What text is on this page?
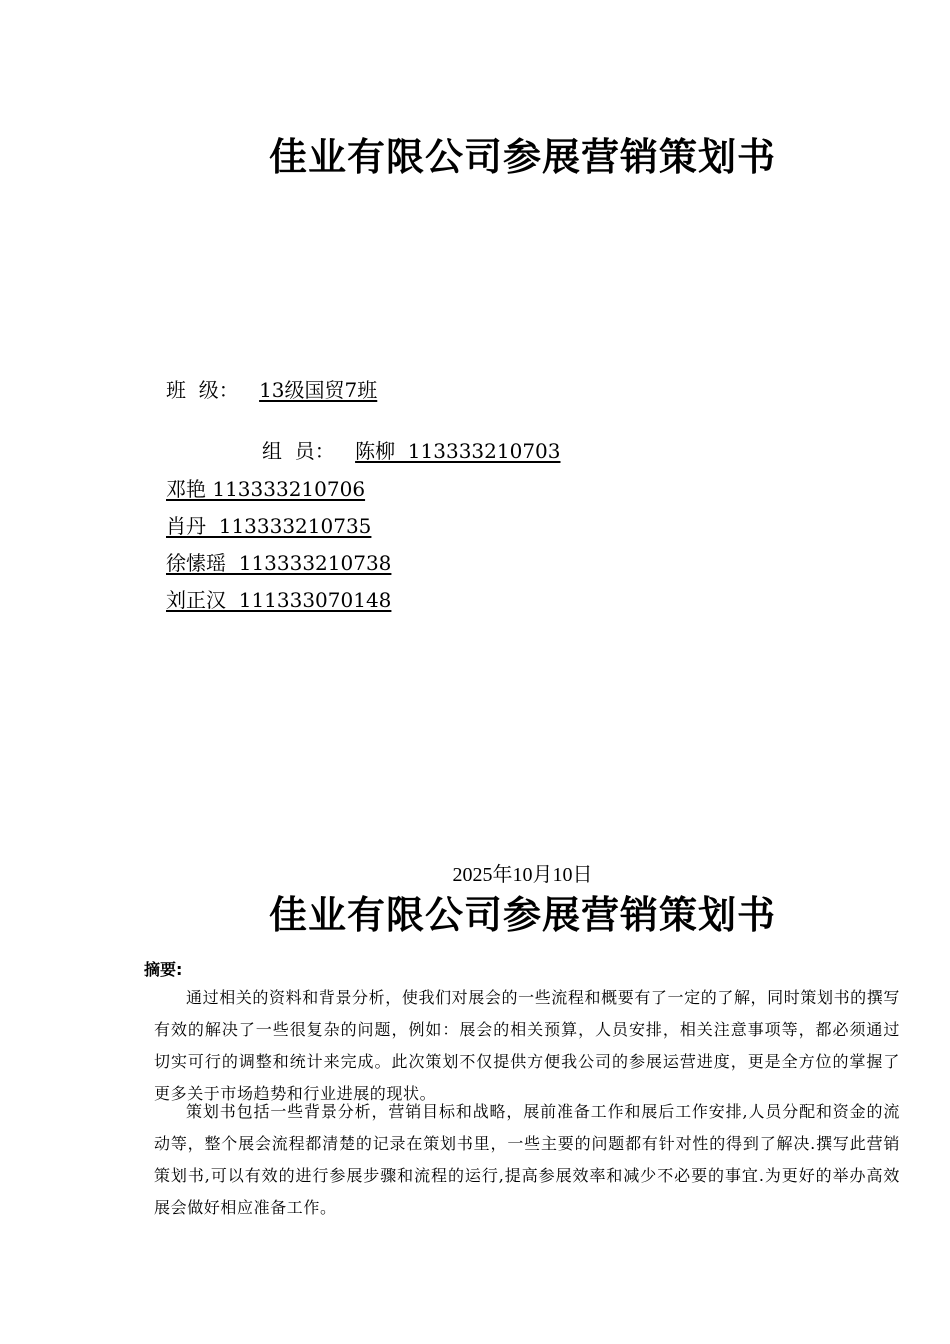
佳业有限公司参展营销策划书
班  级： 13级国贸7班
组  员： 陈柳  113333210703
邓艳 113333210706
肖丹  113333210735
徐愫瑶  113333210738
刘正汉  111333070148
2025年10月10日
佳业有限公司参展营销策划书
摘要:
通过相关的资料和背景分析，使我们对展会的一些流程和概要有了一定的了解，同时策划书的撰写有效的解决了一些很复杂的问题，例如：展会的相关预算，人员安排，相关注意事项等，都必须通过切实可行的调整和统计来完成。此次策划不仅提供方便我公司的参展运营进度，更是全方位的掌握了更多关于市场趋势和行业进展的现状。
策划书包括一些背景分析，营销目标和战略，展前准备工作和展后工作安排,人员分配和资金的流动等，整个展会流程都清楚的记录在策划书里，一些主要的问题都有针对性的得到了解决.撰写此营销策划书,可以有效的进行参展步骤和流程的运行,提高参展效率和减少不必要的事宜.为更好的举办高效展会做好相应准备工作。
